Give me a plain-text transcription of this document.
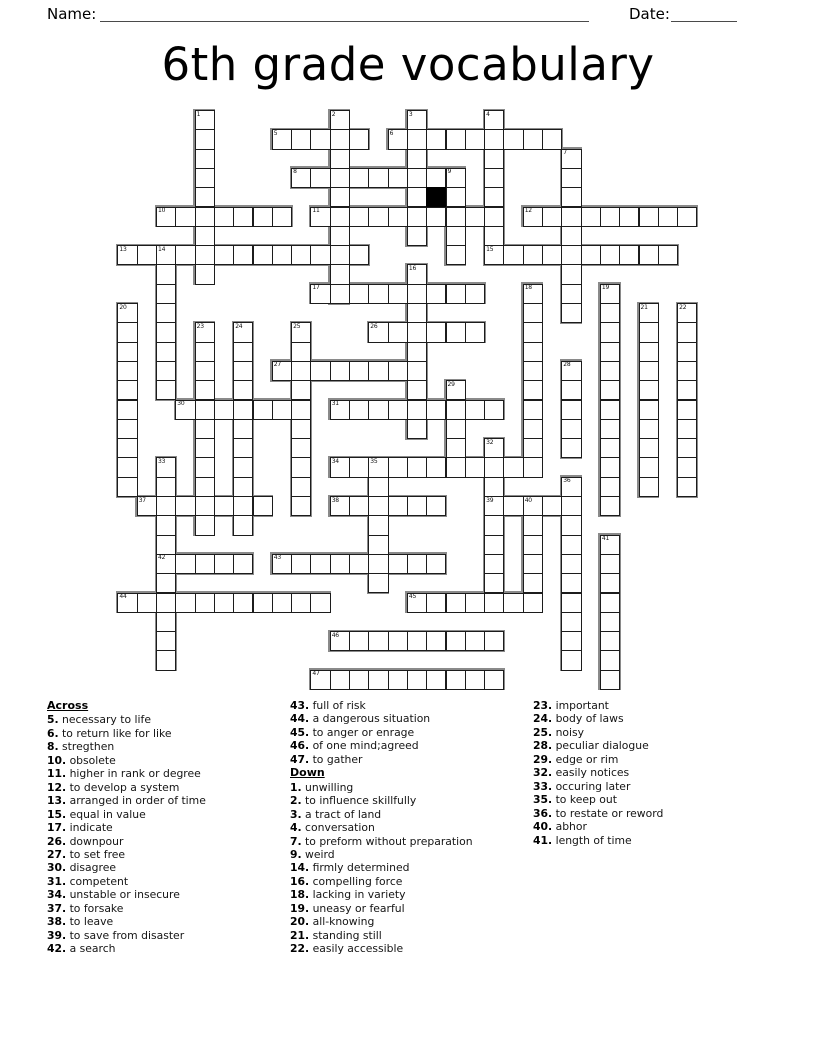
Name:	Date:
6th grade vocabulary
5	6
8
10	11	12
13	15
17
26
27
30	31
34
37	38	39
42	43
44	45
46
47
1	2	3	4
7
9
14
16
18	19
20	21	22
23	24	25
28
29
32
33	35
36
40
41
Across
5. necessary to life
6. to return like for like
8. stregthen
10. obsolete
11. higher in rank or degree
12. to develop a system
13. arranged in order of time
15. equal in value
17. indicate
26. downpour
27. to set free
30. disagree
31. competent
34. unstable or insecure
37. to forsake
38. to leave
39. to save from disaster
42. a search
43. full of risk
44. a dangerous situation
45. to anger or enrage
46. of one mind;agreed
47. to gather
Down
1. unwilling
2. to influence skillfully
3. a tract of land
4. conversation
7. to preform without preparation
9. weird
14. firmly determined
16. compelling force
18. lacking in variety
19. uneasy or fearful
20. all-knowing
21. standing still
22. easily accessible
23. important
24. body of laws
25. noisy
28. peculiar dialogue
29. edge or rim
32. easily notices
33. occuring later
35. to keep out
36. to restate or reword
40. abhor
41. length of time
